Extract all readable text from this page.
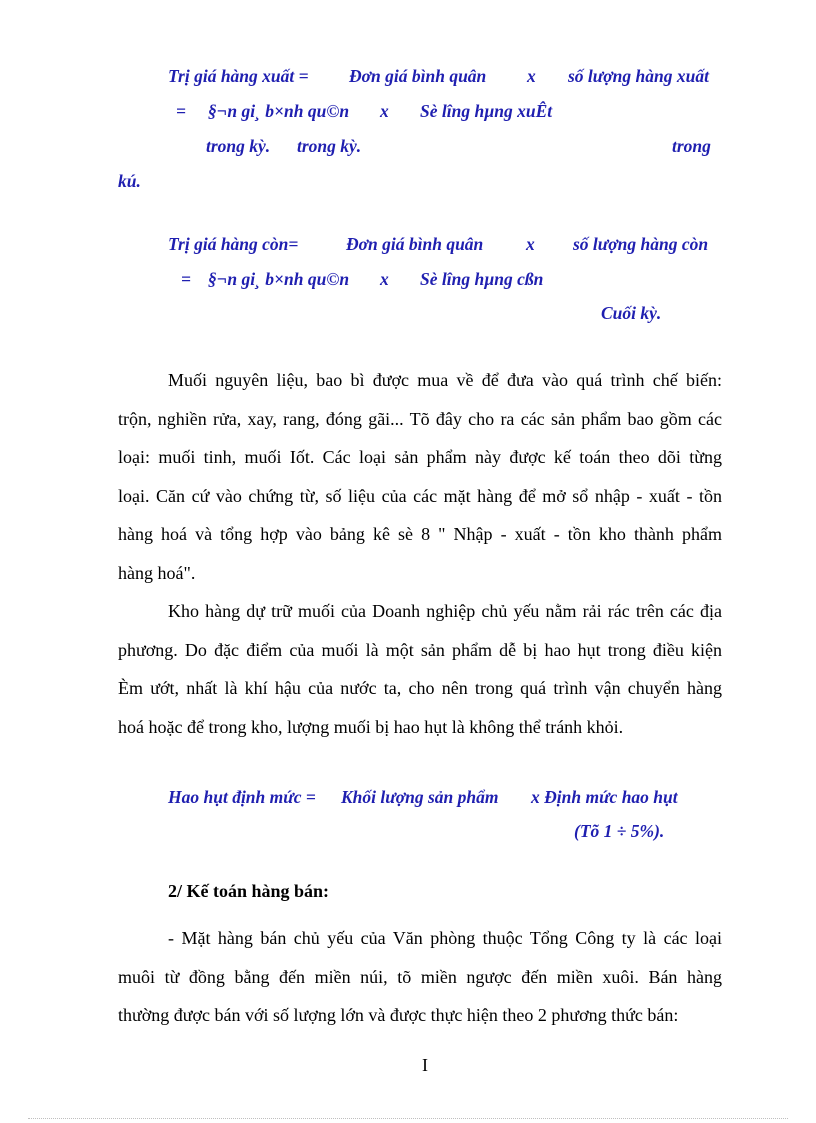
Trị giá hàng xuất = Đơn giá bình quân x số lượng hàng xuất
= §¬n gi¸ b×nh qu©n x Sè lîng hµng xuÊt
trong kỳ. trong kỳ.	trong
kú.
Trị giá hàng còn=	Đơn giá bình quân x số lượng hàng còn
= §¬n gi¸ b×nh qu©n x Sè lîng hµng cßn
Cuối kỳ.
Muối nguyên liệu, bao bì được mua về để đưa vào quá trình chế biến:
trộn, nghiền rửa, xay, rang, đóng gãi... Tõ đây cho ra các sản phẩm bao gồm các
loại: muối tinh, muối Iốt. Các loại sản phẩm này được kế toán theo dõi từng
loại. Căn cứ vào chứng từ, số liệu của các mặt hàng để mở sổ nhập - xuất - tồn
hàng hoá và tổng hợp vào bảng kê sè 8 " Nhập - xuất - tồn kho thành phẩm
hàng hoá".
Kho hàng dự trữ muối của Doanh nghiệp chủ yếu nằm rải rác trên các địa
phương. Do đặc điểm của muối là một sản phẩm dễ bị hao hụt trong điều kiện
Èm ướt, nhất là khí hậu của nước ta, cho nên trong quá trình vận chuyển hàng
hoá hoặc để trong kho, lượng muối bị hao hụt là không thể tránh khỏi.
Hao hụt định mức = Khối lượng sản phẩm x Định mức hao hụt
(Tõ 1 ÷ 5%).
2/ Kế toán hàng bán:
- Mặt hàng bán chủ yếu của Văn phòng thuộc Tổng Công ty là các loại
muôi từ đồng bằng đến miền núi, tõ miền ngược đến miền xuôi. Bán hàng
thường được bán với số lượng lớn và được thực hiện theo 2 phương thức bán:
I
